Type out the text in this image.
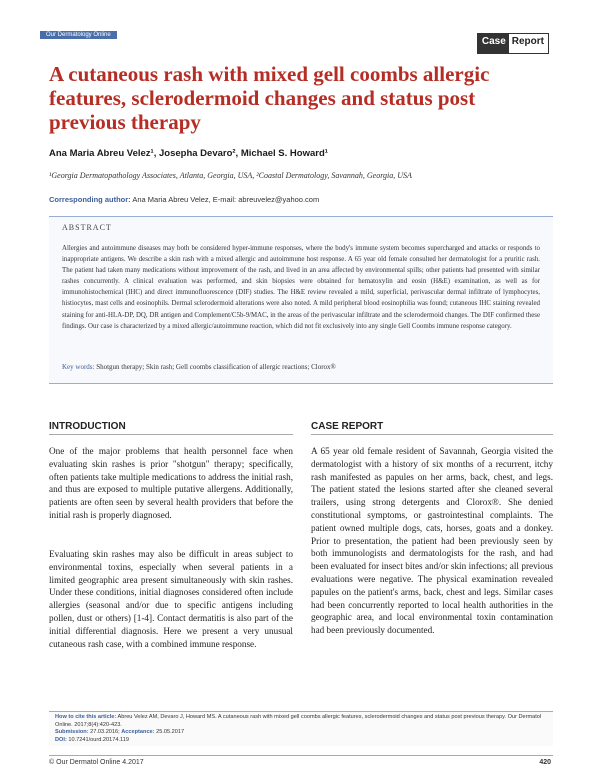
Our Dermatology Online
Case Report
A cutaneous rash with mixed gell coombs allergic features, sclerodermoid changes and status post previous therapy
Ana Maria Abreu Velez¹, Josepha Devaro², Michael S. Howard¹
¹Georgia Dermatopathology Associates, Atlanta, Georgia, USA, ²Coastal Dermatology, Savannah, Georgia, USA
Corresponding author: Ana Maria Abreu Velez, E-mail: abreuvelez@yahoo.com
ABSTRACT

Allergies and autoimmune diseases may both be considered hyper-immune responses, where the body's immune system becomes supercharged and attacks or responds to inappropriate antigens. We describe a skin rash with a mixed allergic and autoimmune host response. A 65 year old female consulted her dermatologist for a pruritic rash. The patient had taken many medications without improvement of the rash, and lived in an area affected by environmental spills; other patients had presented with similar rashes concurrently. A clinical evaluation was performed, and skin biopsies were obtained for hematoxylin and eosin (H&E) examination, as well as for immunohistochemical (IHC) and direct immunofluorescence (DIF) studies. The H&E review revealed a mild, superficial, perivascular dermal infiltrate of lymphocytes, histiocytes, mast cells and eosinophils. Dermal sclerodermoid alterations were also noted. A mild peripheral blood eosinophilia was found; cutaneous IHC staining revealed staining for anti-HLA-DP, DQ, DR antigen and Complement/C5b-9/MAC, in the areas of the perivascular infiltrate and the sclerodermoid changes. The DIF confirmed these findings. Our case is characterized by a mixed allergic/autoimmune reaction, which did not fit exclusively into any single Gell Coombs immune response category.

Key words: Shotgun therapy; Skin rash; Gell coombs classification of allergic reactions; Clorox®
INTRODUCTION

One of the major problems that health personnel face when evaluating skin rashes is prior "shotgun" therapy; specifically, often patients take multiple medications to address the initial rash, and thus are exposed to multiple putative allergens. Additionally, patients are often seen by several health providers that before the initial rash is properly diagnosed.

Evaluating skin rashes may also be difficult in areas subject to environmental toxins, especially when several patients in a limited geographic area present simultaneously with skin rashes. Under these conditions, initial diagnoses considered often include allergies (seasonal and/or due to specific antigens including pollen, dust or others) [1-4]. Contact dermatitis is also part of the initial differential diagnosis. Here we present a very unusual cutaneous rash case, with a combined immune response.

CASE REPORT

A 65 year old female resident of Savannah, Georgia visited the dermatologist with a history of six months of a recurrent, itchy rash manifested as papules on her arms, back, chest, and legs. The patient stated the lesions started after she cleaned several trailers, using strong detergents and Clorox®. She denied constitutional symptoms, or gastrointestinal complaints. The patient owned multiple dogs, cats, horses, goats and a donkey. Prior to presentation, the patient had been previously seen by both immunologists and dermatologists for the rash, and had been evaluated for insect bites and/or skin infections; all previous evaluations were negative. The physical examination revealed papules on the patient's arms, back, chest and legs. Similar cases had been concurrently reported to local health authorities in the geographic area, and local environmental toxin contamination had been previously documented.

How to cite this article: Abreu Velez AM, Devaro J, Howard MS. A cutaneous rash with mixed gell coombs allergic features, sclerodermoid changes and status post previous therapy. Our Dermatol Online. 2017;8(4):420-423.
Submission: 27.03.2016; Acceptance: 25.05.2017
DOI: 10.7241/ourd.20174.119
© Our Dermatol Online 4.2017	420
